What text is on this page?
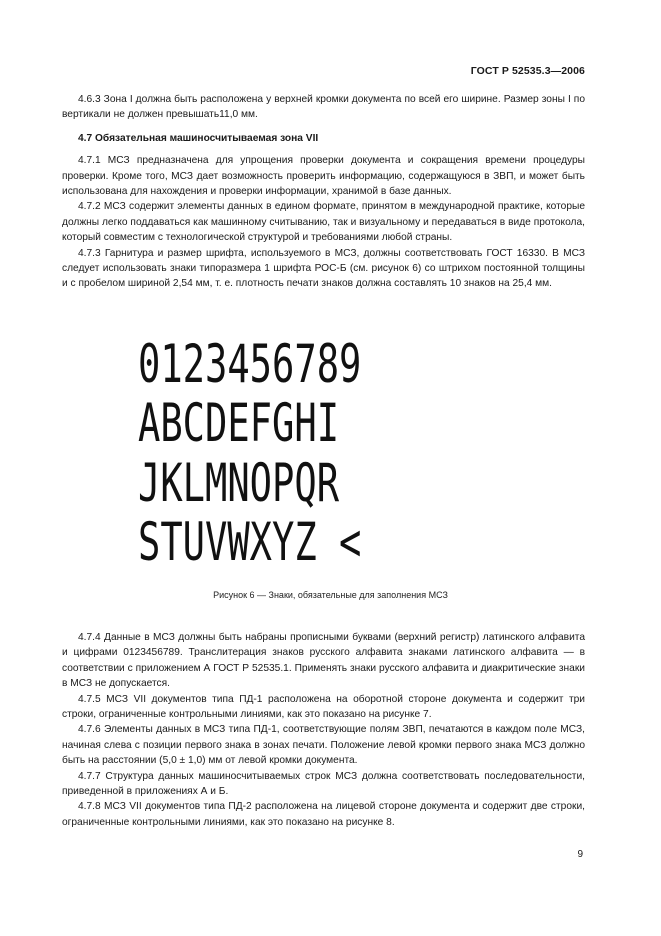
ГОСТ Р 52535.3—2006

4.6.3 Зона I должна быть расположена у верхней кромки документа по всей его ширине. Размер зоны I по вертикали не должен превышать11,0 мм.

4.7 Обязательная машиносчитываемая зона VII

4.7.1 МСЗ предназначена для упрощения проверки документа и сокращения времени процедуры проверки. Кроме того, МСЗ дает возможность проверить информацию, содержащуюся в ЗВП, и может быть использована для нахождения и проверки информации, хранимой в базе данных.

4.7.2 МСЗ содержит элементы данных в едином формате, принятом в международной практике, которые должны легко поддаваться как машинному считыванию, так и визуальному и передаваться в виде протокола, который совместим с технологической структурой и требованиями любой страны.

4.7.3 Гарнитура и размер шрифта, используемого в МСЗ, должны соответствовать ГОСТ 16330. В МСЗ следует использовать знаки типоразмера 1 шрифта РОС-Б (см. рисунок 6) со штрихом постоянной толщины и с пробелом шириной 2,54 мм, т. е. плотность печати знаков должна составлять 10 знаков на 25,4 мм.

0123456789
ABCDEFGHI
JKLMNOPQR
STUVWXYZ <
Рисунок 6 — Знаки, обязательные для заполнения МСЗ

4.7.4 Данные в МСЗ должны быть набраны прописными буквами (верхний регистр) латинского алфавита и цифрами 0123456789. Транслитерация знаков русского алфавита знаками латинского алфавита — в соответствии с приложением А ГОСТ Р 52535.1. Применять знаки русского алфавита и диакритические знаки в МСЗ не допускается.

4.7.5 МСЗ VII документов типа ПД-1 расположена на оборотной стороне документа и содержит три строки, ограниченные контрольными линиями, как это показано на рисунке 7.

4.7.6 Элементы данных в МСЗ типа ПД-1, соответствующие полям ЗВП, печатаются в каждом поле МСЗ, начиная слева с позиции первого знака в зонах печати. Положение левой кромки первого знака МСЗ должно быть на расстоянии (5,0 ± 1,0) мм от левой кромки документа.

4.7.7 Структура данных машиносчитываемых строк МСЗ должна соответствовать последовательности, приведенной в приложениях А и Б.

4.7.8 МСЗ VII документов типа ПД-2 расположена на лицевой стороне документа и содержит две строки, ограниченные контрольными линиями, как это показано на рисунке 8.

9
